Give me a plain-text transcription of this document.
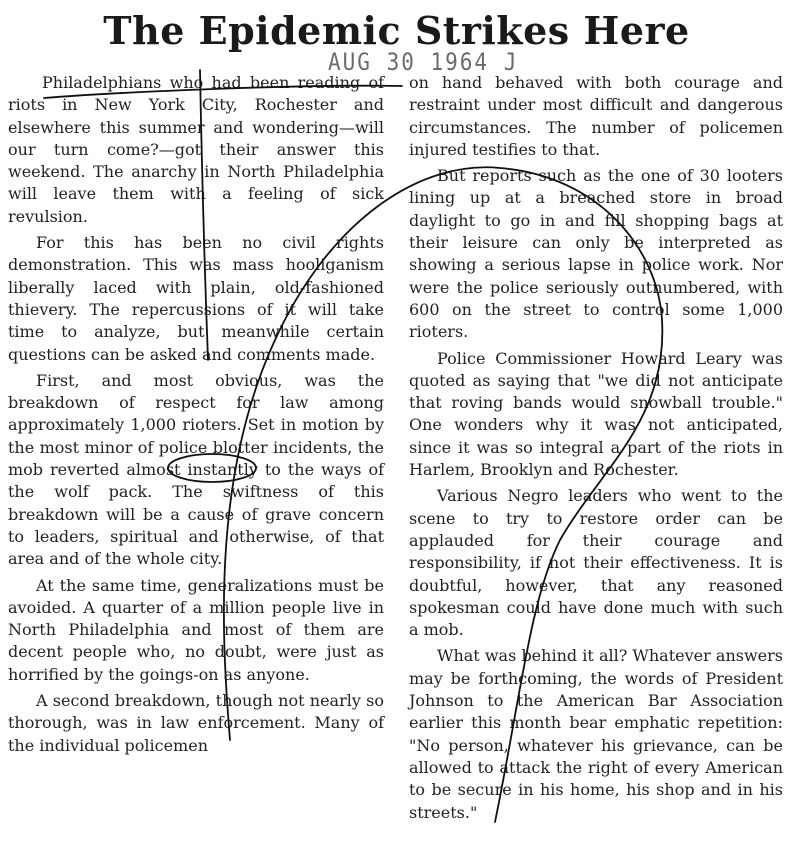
The Epidemic Strikes Here
AUG 30 1964 J

Philadelphians who had been reading of riots in New York City, Rochester and elsewhere this summer and wondering—will our turn come?—got their answer this weekend. The anarchy in North Philadelphia will leave them with a feeling of sick revulsion.

For this has been no civil rights demonstration. This was mass hooliganism liberally laced with plain, old-fashioned thievery. The repercussions of it will take time to analyze, but meanwhile certain questions can be asked and comments made.

First, and most obvious, was the breakdown of respect for law among approximately 1,000 rioters. Set in motion by the most minor of police blotter incidents, the mob reverted almost instantly to the ways of the wolf pack. The swiftness of this breakdown will be a cause of grave concern to leaders, spiritual and otherwise, of that area and of the whole city.

At the same time, generalizations must be avoided. A quarter of a million people live in North Philadelphia and most of them are decent people who, no doubt, were just as horrified by the goings-on as anyone.

A second breakdown, though not nearly so thorough, was in law enforcement. Many of the individual policemen

on hand behaved with both courage and restraint under most difficult and dangerous circumstances. The number of policemen injured testifies to that.

But reports such as the one of 30 looters lining up at a breached store in broad daylight to go in and fill shopping bags at their leisure can only be interpreted as showing a serious lapse in police work. Nor were the police seriously outnumbered, with 600 on the street to control some 1,000 rioters.

Police Commissioner Howard Leary was quoted as saying that "we did not anticipate that roving bands would snowball trouble." One wonders why it was not anticipated, since it was so integral a part of the riots in Harlem, Brooklyn and Rochester.

Various Negro leaders who went to the scene to try to restore order can be applauded for their courage and responsibility, if not their effectiveness. It is doubtful, however, that any reasoned spokesman could have done much with such a mob.

What was behind it all? Whatever answers may be forthcoming, the words of President Johnson to the American Bar Association earlier this month bear emphatic repetition: "No person, whatever his grievance, can be allowed to attack the right of every American to be secure in his home, his shop and in his streets."
